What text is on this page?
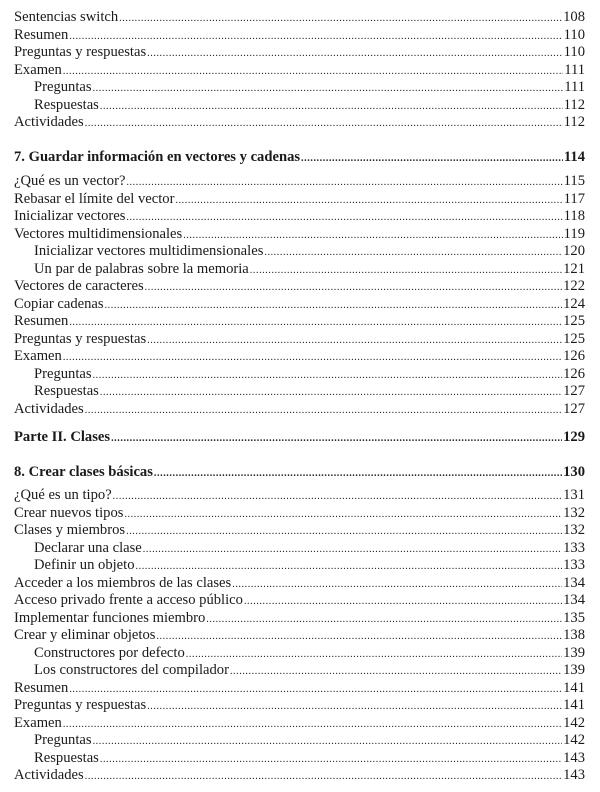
Sentencias switch .....	108
Resumen .....	110
Preguntas y respuestas .....	110
Examen .....	111
Preguntas .....	111
Respuestas .....	112
Actividades .....	112
7. Guardar información en vectores y cadenas .....	114
¿Qué es un vector? .....	115
Rebasar el límite del vector .....	117
Inicializar vectores .....	118
Vectores multidimensionales .....	119
Inicializar vectores multidimensionales .....	120
Un par de palabras sobre la memoria .....	121
Vectores de caracteres .....	122
Copiar cadenas .....	124
Resumen .....	125
Preguntas y respuestas .....	125
Examen .....	126
Preguntas .....	126
Respuestas .....	127
Actividades .....	127
Parte II. Clases .....	129
8. Crear clases básicas .....	130
¿Qué es un tipo? .....	131
Crear nuevos tipos .....	132
Clases y miembros .....	132
Declarar una clase .....	133
Definir un objeto .....	133
Acceder a los miembros de las clases .....	134
Acceso privado frente a acceso público .....	134
Implementar funciones miembro .....	135
Crear y eliminar objetos .....	138
Constructores por defecto .....	139
Los constructores del compilador .....	139
Resumen .....	141
Preguntas y respuestas .....	141
Examen .....	142
Preguntas .....	142
Respuestas .....	143
Actividades .....	143
